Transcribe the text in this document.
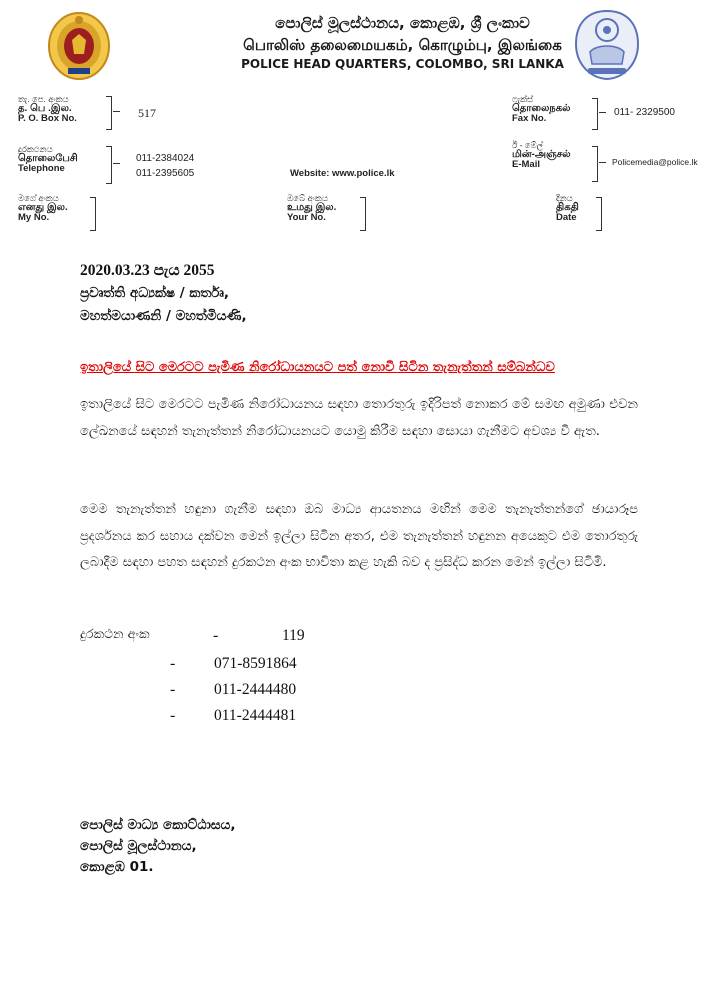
පොලිස් මූලස්ථානය, කොළඹ, ශ්‍රී ලංකාව
பொலிஸ் தலைமையகம், கொழும்பு, இலங்கை
POLICE HEAD QUARTERS, COLOMBO, SRI LANKA
තැ. පෙ. අංකය
த. பெ .இல.
P. O. Box No.	517
ෆැක්ස්
தொலைநகல்
Fax No.
011- 2329500
දුරකථනය
தொலைபேசி
Telephone
011-2384024
011-2395605	Website: www.police.lk
ඊ - මේල්
மின்-அஞ்சல்
E-Mail	Policemedia@police.lk
මගේ අංකය
எனது இல.
My No.
ඔබේ අංකය
உமது இல.
Your No.
දිනය
திகதி
Date
2020.03.23 පැය 2055
ප්‍රවෘත්ති අධ්‍යක්ෂ / කර්තෘ,
මහත්මයාණනි / මහත්මියණි,
ඉතාලියේ සිට මෙරටට පැමිණ නිරෝධායනයට පත් නොවී සිටින තැනැත්තන් සම්බන්ධව
ඉතාලියේ සිට මෙරටට පැමිණ නිරෝධායනය සඳහා තොරතුරු ඉදිරිපත් නොකර මේ සමඟ අමුණා එවන ලේඛනයේ සඳහන් තැනැත්තන් නිරෝධායනයට යොමු කිරීම සඳහා සොයා ගැනීමට අවශ්‍ය වී ඇත.
මෙම තැනැත්තන් හඳුනා ගැනීම සඳහා ඔබ මාධ්‍ය ආයතනය මඟින් මෙම තැනැත්තන්ගේ ඡායාරූප ප්‍රදර්ශනය කර සහාය දක්වන මෙන් ඉල්ලා සිටින අතර, එම තැනැත්තන් හඳුනන අයෙකුට එම තොරතුරු ලබාදීම සඳහා පහත සඳහන් දුරකථන අංක භාවිතා කළ හැකි බව ද ප්‍රසිද්ධ කරන මෙන් ඉල්ලා සිටිමි.
දුරකථන අංක	-	119
- 071-8591864
- 011-2444480
- 011-2444481
පොලිස් මාධ්‍ය කොට්ඨාසය,
පොලිස් මූලස්ථානය,
කොළඹ 01.
